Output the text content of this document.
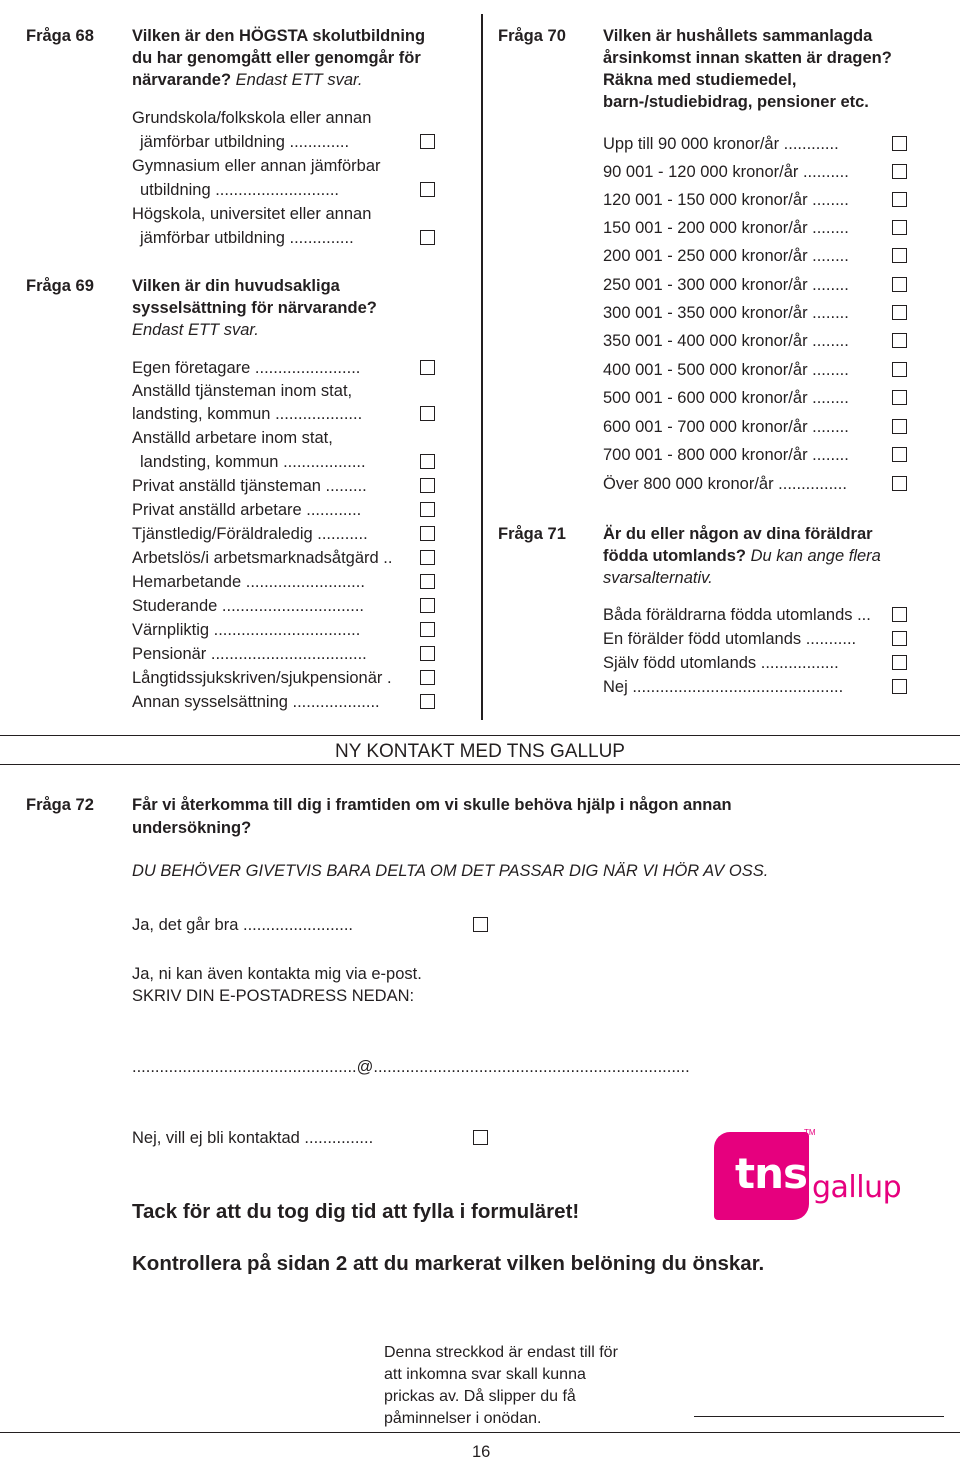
Fråga 68 Vilken är den HÖGSTA skolutbildning
du har genomgått eller genomgår för
närvarande? Endast ETT svar.
Grundskola/folkskola eller annan
jämförbar utbildning .............
Gymnasium eller annan jämförbar
utbildning ...........................
Högskola, universitet eller annan
jämförbar utbildning ..............
Fråga 69 Vilken är din huvudsakliga
sysselsättning för närvarande?
Endast ETT svar.
Egen företagare .......................
Anställd tjänsteman inom stat,
landsting, kommun ...................
Anställd arbetare inom stat,
landsting, kommun ..................
Privat anställd tjänsteman .........
Privat anställd arbetare ............
Tjänstledig/Föräldraledig ...........
Arbetslös/i arbetsmarknadsåtgärd ..
Hemarbetande ..........................
Studerande ...............................
Värnpliktig ................................
Pensionär ..................................
Långtidssjukskriven/sjukpensionär .
Annan sysselsättning ...................
Fråga 70 Vilken är hushållets sammanlagda
årsinkomst innan skatten är dragen?
Räkna med studiemedel,
barn-/studiebidrag, pensioner etc.
Upp till 90 000 kronor/år ............
90 001 - 120 000 kronor/år ..........
120 001 - 150 000 kronor/år ........
150 001 - 200 000 kronor/år ........
200 001 - 250 000 kronor/år ........
250 001 - 300 000 kronor/år ........
300 001 - 350 000 kronor/år ........
350 001 - 400 000 kronor/år ........
400 001 - 500 000 kronor/år ........
500 001 - 600 000 kronor/år ........
600 001 - 700 000 kronor/år ........
700 001 - 800 000 kronor/år ........
Över 800 000 kronor/år ...............
Fråga 71 Är du eller någon av dina föräldrar
födda utomlands? Du kan ange flera
svarsalternativ.
Båda föräldrarna födda utomlands ...
En förälder född utomlands ...........
Själv född utomlands .................
Nej ..............................................
NY KONTAKT MED TNS GALLUP
Fråga 72 Får vi återkomma till dig i framtiden om vi skulle behöva hjälp i någon annan
undersökning?
DU BEHÖVER GIVETVIS BARA DELTA OM DET PASSAR DIG NÄR VI HÖR AV OSS.
Ja, det går bra ........................
Ja, ni kan även kontakta mig via e-post.
SKRIV DIN E-POSTADRESS NEDAN:
.................................................@.....................................................................
Nej, vill ej bli kontaktad ...............
Tack för att du tog dig tid att fylla i formuläret!
Kontrollera på sidan 2 att du markerat vilken belöning du önskar.
tns gallup
TM
Denna streckkod är endast till för
att inkomna svar skall kunna
prickas av. Då slipper du få
påminnelser i onödan.
16
